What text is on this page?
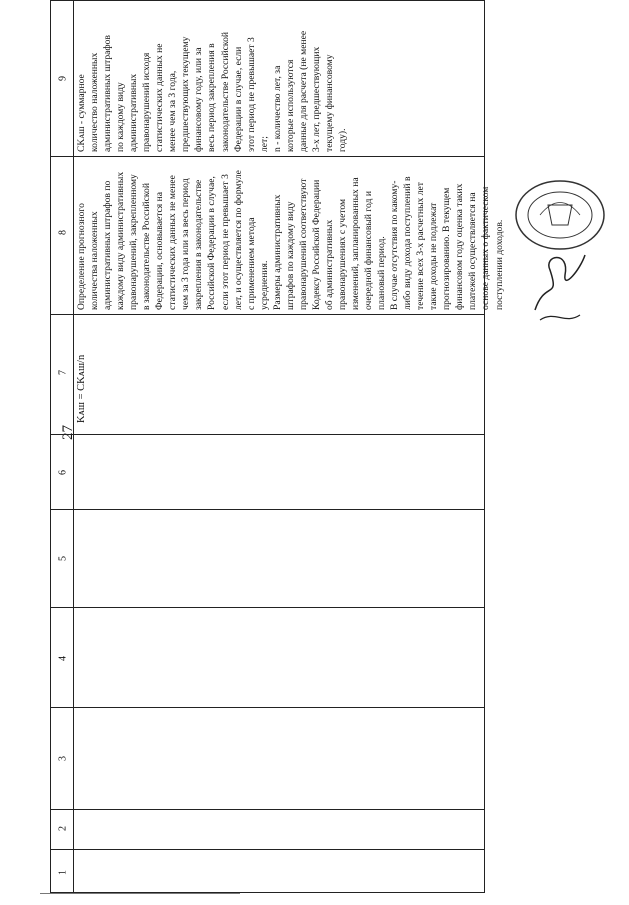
27
9
8
7
6
5
4
3
2
1
Kᴀш = CKᴀш/n
Определение прогнозного количества наложенных административных штрафов по каждому виду административных правонарушений, закрепленному в законодательстве Российской Федерации, основывается на статистических данных не менее чем за 3 года или за весь период закрепления в законодательстве Российской Федерации в случае, если этот период не превышает 3 лет, и осуществляется по формуле с применением метода усреднения. Размеры административных штрафов по каждому виду правонарушений соответствуют Кодексу Российской Федерации об административных правонарушениях с учетом изменений, запланированных на очередной финансовый год и плановый период. В случае отсутствия по какому- либо виду дохода поступлений в течение всех 3-х расчетных лет такие доходы не подлежат прогнозированию. В текущем финансовом году оценка таких платежей осуществляется на основе данных о фактическом поступлении доходов.
CKᴀш - суммарное количество наложенных административных штрафов по каждому виду административных правонарушений исходя статистических данных не менее чем за 3 года, предшествующих текущему финансовому году, или за весь период закрепления в законодательстве Российской Федерации в случае, если этот период не превышает 3 лет; n - количество лет, за которые используются данные для расчета (не менее 3-х лет, предшествующих текущему финансовому году).
